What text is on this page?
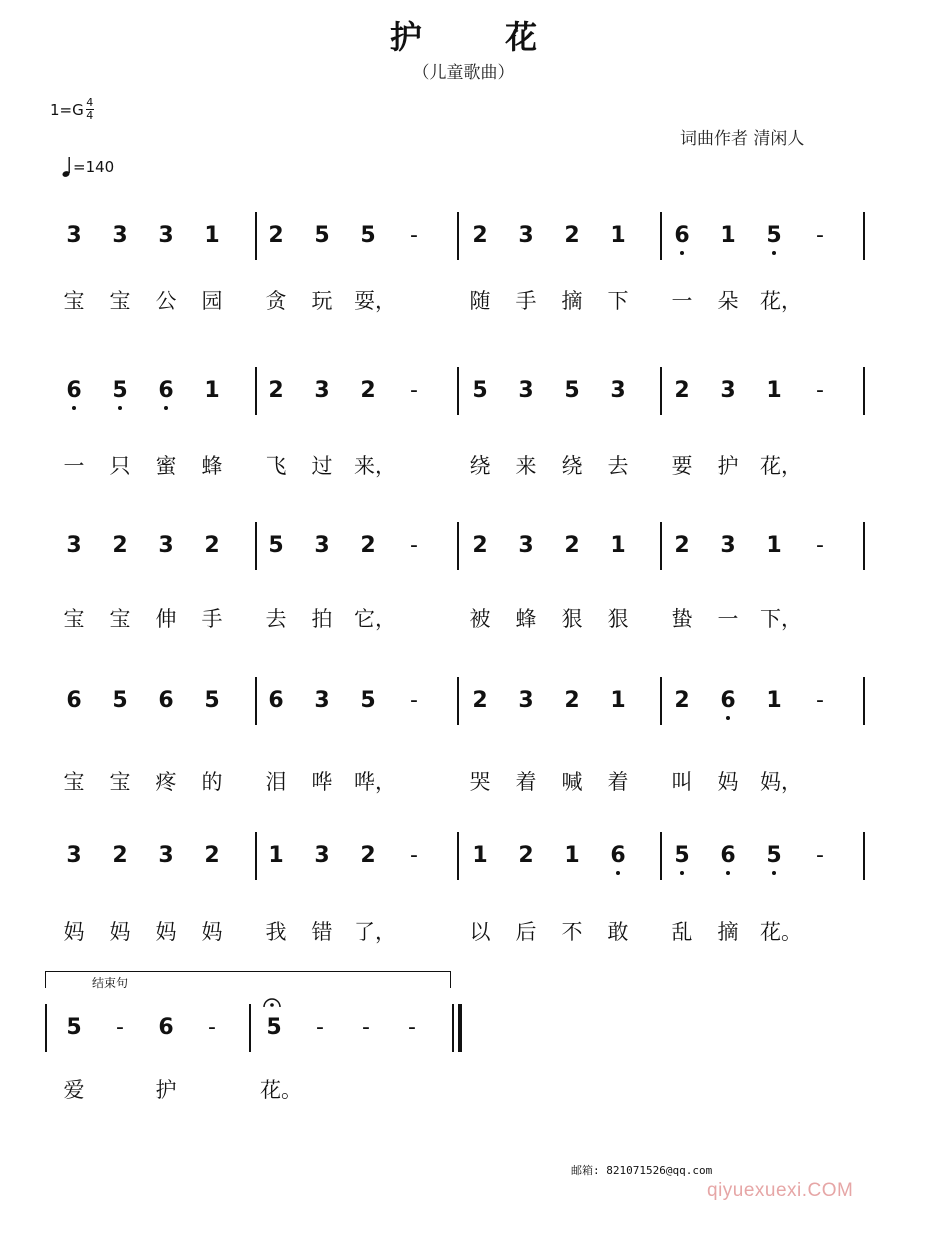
护 花
（儿童歌曲）
$1=G \frac{4}{4}$
词曲作者 清闲人
=140
3 3 3 1 2 5 5	-	2 3 2 1 6 1 5	-
宝 宝 公 园 贪 玩 耍，	随 手 摘 下 一 朵 花，
6 5 6 1 2 3 2	-	5 3 5 3 2 3 1	-
一 只 蜜 蜂 飞 过 来，	绕 来 绕 去 要 护 花，
3 2 3 2 5 3 2	-	2 3 2 1 2 3 1	-
宝 宝 伸 手 去 拍 它，	被 蜂 狠 狠 蛰 一 下，
6 5 6 5 6 3 5	-	2 3 2 1 2 6 1	-
宝 宝 疼 的 泪 哗 哗，	哭 着 喊 着 叫 妈 妈，
3 2 3 2 1 3 2	-	1 2 1 6 5 6 5	-
妈 妈 妈 妈 我 错 了，	以 后 不 敢 乱 摘 花。
5	-	6	-	5	-	-	-
爱	护	花。
结束句
邮箱: 821071526@qq.com
qiyuexuexi.COM
